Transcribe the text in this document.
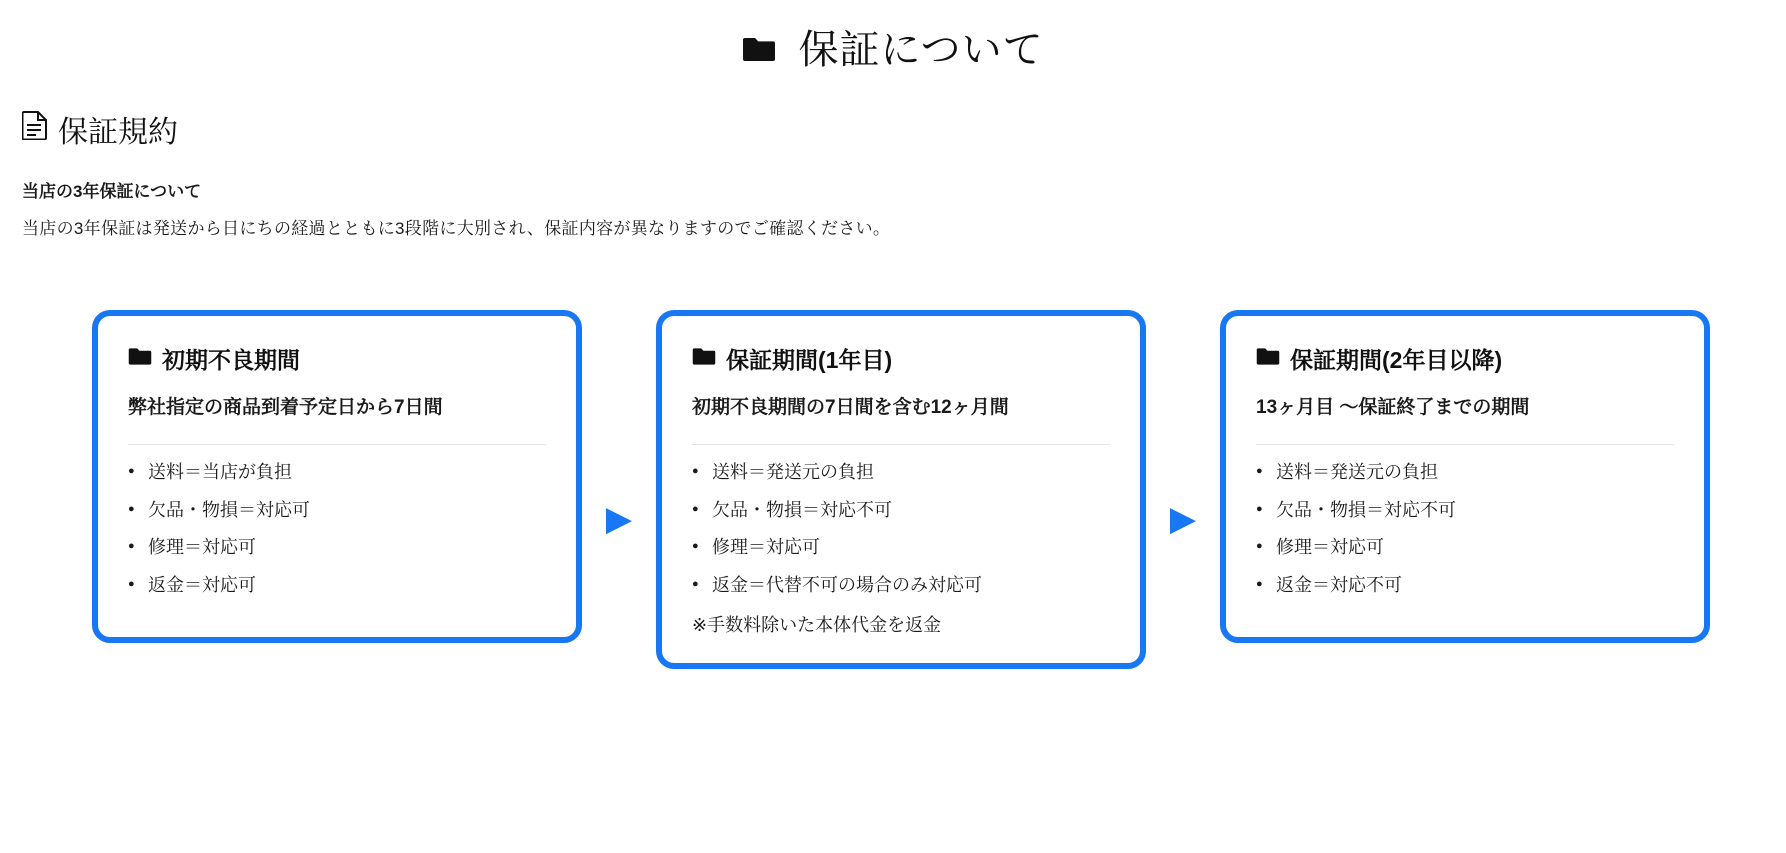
保証について
保証規約
当店の3年保証について
当店の3年保証は発送から日にちの経過とともに3段階に大別され、保証内容が異なりますのでご確認ください。
初期不良期間
弊社指定の商品到着予定日から7日間
● 送料＝当店が負担
● 欠品・物損＝対応可
● 修理＝対応可
● 返金＝対応可
▶
保証期間(1年目)
初期不良期間の7日間を含む12ヶ月間
● 送料＝発送元の負担
● 欠品・物損＝対応不可
● 修理＝対応可
● 返金＝代替不可の場合のみ対応可

※手数料除いた本体代金を返金

▶
保証期間(2年目以降)
13ヶ月目 〜保証終了までの期間
● 送料＝発送元の負担
● 欠品・物損＝対応不可
● 修理＝対応可
● 返金＝対応不可
